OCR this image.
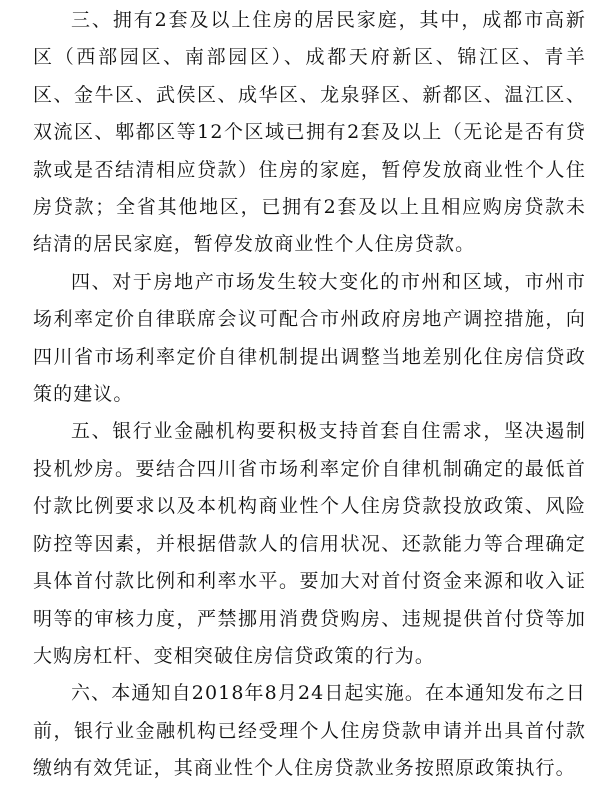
三、拥有2套及以上住房的居民家庭，其中，成都市高新区（西部园区、南部园区）、成都天府新区、锦江区、青羊区、金牛区、武侯区、成华区、龙泉驿区、新都区、温江区、双流区、郫都区等12个区域已拥有2套及以上（无论是否有贷款或是否结清相应贷款）住房的家庭，暂停发放商业性个人住房贷款；全省其他地区，已拥有2套及以上且相应购房贷款未结清的居民家庭，暂停发放商业性个人住房贷款。

四、对于房地产市场发生较大变化的市州和区域，市州市场利率定价自律联席会议可配合市州政府房地产调控措施，向四川省市场利率定价自律机制提出调整当地差别化住房信贷政策的建议。

五、银行业金融机构要积极支持首套自住需求，坚决遏制投机炒房。要结合四川省市场利率定价自律机制确定的最低首付款比例要求以及本机构商业性个人住房贷款投放政策、风险防控等因素，并根据借款人的信用状况、还款能力等合理确定具体首付款比例和利率水平。要加大对首付资金来源和收入证明等的审核力度，严禁挪用消费贷购房、违规提供首付贷等加大购房杠杆、变相突破住房信贷政策的行为。

六、本通知自2018年8月24日起实施。在本通知发布之日前，银行业金融机构已经受理个人住房贷款申请并出具首付款缴纳有效凭证，其商业性个人住房贷款业务按照原政策执行。
